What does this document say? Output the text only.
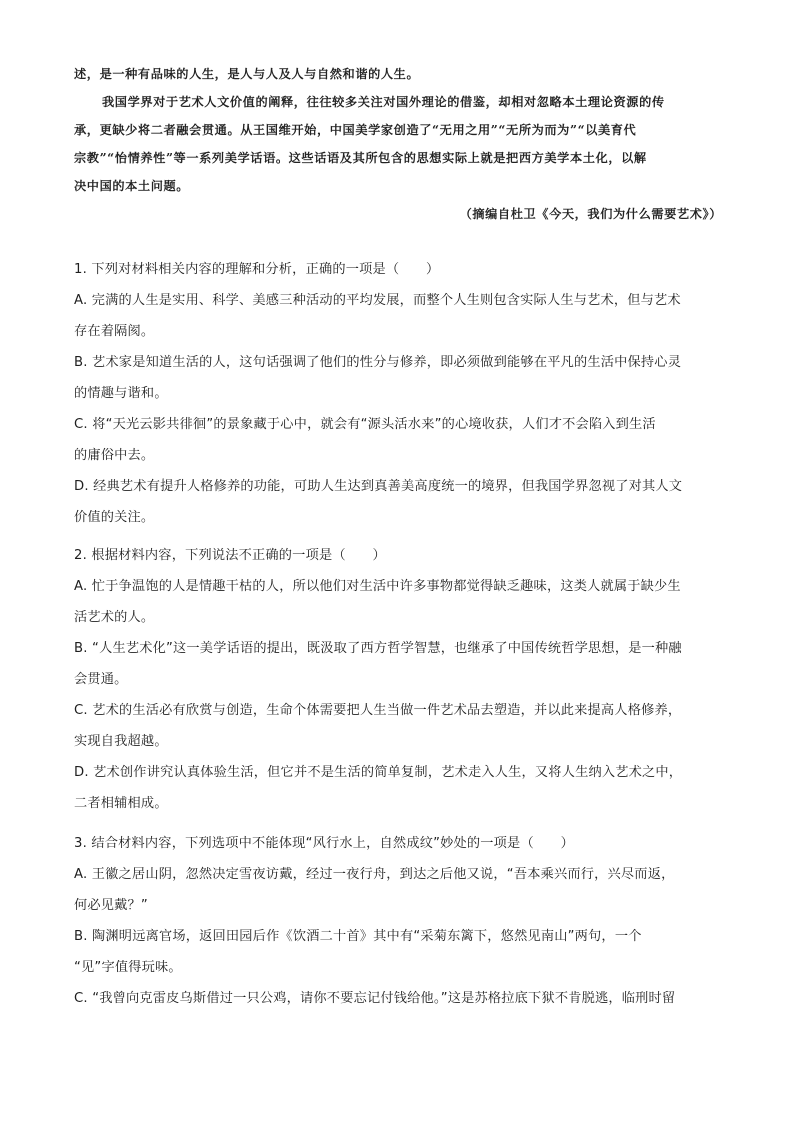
述，是一种有品味的人生，是人与人及人与自然和谐的人生。

我国学界对于艺术人文价值的阐释，往往较多关注对国外理论的借鉴，却相对忽略本土理论资源的传

承，更缺少将二者融会贯通。从王国维开始，中国美学家创造了“无用之用”“无所为而为”“以美育代

宗教”“怡情养性”等一系列美学话语。这些话语及其所包含的思想实际上就是把西方美学本土化，以解

决中国的本土问题。

（摘编自杜卫《今天，我们为什么需要艺术》）
1. 下列对材料相关内容的理解和分析，正确的一项是（　　）
A. 完满的人生是实用、科学、美感三种活动的平均发展，而整个人生则包含实际人生与艺术，但与艺术
存在着隔阂。
B. 艺术家是知道生活的人，这句话强调了他们的性分与修养，即必须做到能够在平凡的生活中保持心灵
的情趣与谐和。
C. 将“天光云影共徘徊”的景象藏于心中，就会有“源头活水来”的心境收获，人们才不会陷入到生活
的庸俗中去。
D. 经典艺术有提升人格修养的功能，可助人生达到真善美高度统一的境界，但我国学界忽视了对其人文
价值的关注。
2. 根据材料内容，下列说法不正确的一项是（　　）
A. 忙于争温饱的人是情趣干枯的人，所以他们对生活中许多事物都觉得缺乏趣味，这类人就属于缺少生
活艺术的人。
B. “人生艺术化”这一美学话语的提出，既汲取了西方哲学智慧，也继承了中国传统哲学思想，是一种融
会贯通。
C. 艺术的生活必有欣赏与创造，生命个体需要把人生当做一件艺术品去塑造，并以此来提高人格修养，
实现自我超越。
D. 艺术创作讲究认真体验生活，但它并不是生活的简单复制，艺术走入人生，又将人生纳入艺术之中，
二者相辅相成。
3. 结合材料内容，下列选项中不能体现“风行水上，自然成纹”妙处的一项是（　　）
A. 王徽之居山阴，忽然决定雪夜访戴，经过一夜行舟，到达之后他又说，“吾本乘兴而行，兴尽而返，
何必见戴？”
B. 陶渊明远离官场，返回田园后作《饮酒二十首》其中有“采菊东篱下，悠然见南山”两句，一个
“见”字值得玩味。
C. “我曾向克雷皮乌斯借过一只公鸡，请你不要忘记付钱给他。”这是苏格拉底下狱不肯脱逃，临刑时留
